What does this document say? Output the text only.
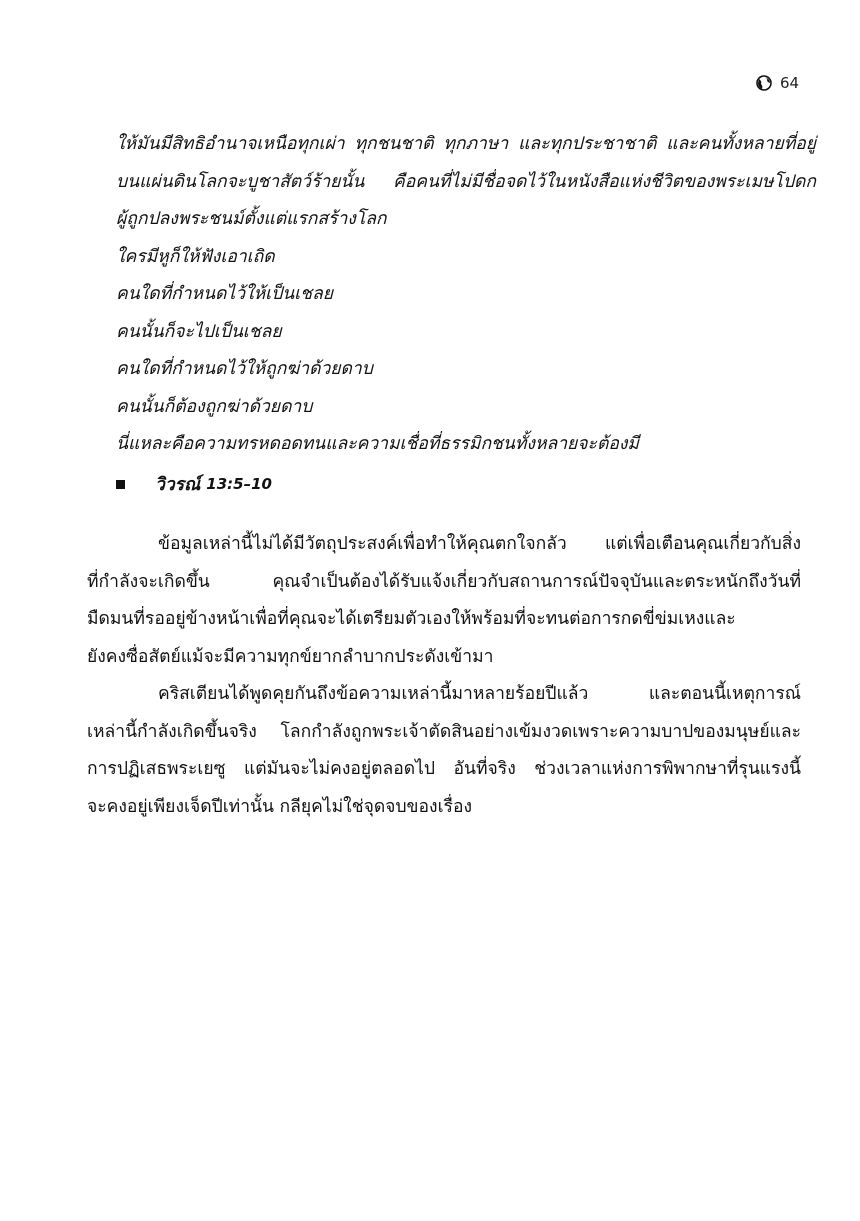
64
ให้มันมีสิทธิอำนาจเหนือทุกเผ่า ทุกชนชาติ ทุกภาษา และทุกประชาชาติ และคนทั้งหลายที่อยู่
บนแผ่นดินโลกจะบูชาสัตว์ร้ายนั้น คือคนที่ไม่มีชื่อจดไว้ในหนังสือแห่งชีวิตของพระเมษโปดก
ผู้ถูกปลงพระชนม์ตั้งแต่แรกสร้างโลก
ใครมีหูก็ให้ฟังเอาเถิด
คนใดที่กำหนดไว้ให้เป็นเชลย
คนนั้นก็จะไปเป็นเชลย
คนใดที่กำหนดไว้ให้ถูกฆ่าด้วยดาบ
คนนั้นก็ต้องถูกฆ่าด้วยดาบ
นี่แหละคือความทรหดอดทนและความเชื่อที่ธรรมิกชนทั้งหลายจะต้องมี
วิวรณ์ 13:5–10
ข้อมูลเหล่านี้ไม่ได้มีวัตถุประสงค์เพื่อทำให้คุณตกใจกลัว แต่เพื่อเตือนคุณเกี่ยวกับสิ่ง
ที่กำลังจะเกิดขึ้น คุณจำเป็นต้องได้รับแจ้งเกี่ยวกับสถานการณ์ปัจจุบันและตระหนักถึงวันที่
มืดมนที่รออยู่ข้างหน้าเพื่อที่คุณจะได้เตรียมตัวเองให้พร้อมที่จะทนต่อการกดขี่ข่มเหงและ
ยังคงซื่อสัตย์แม้จะมีความทุกข์ยากลำบากประดังเข้ามา
คริสเตียนได้พูดคุยกันถึงข้อความเหล่านี้มาหลายร้อยปีแล้ว และตอนนี้เหตุการณ์
เหล่านี้กำลังเกิดขึ้นจริง โลกกำลังถูกพระเจ้าตัดสินอย่างเข้มงวดเพราะความบาปของมนุษย์และ
การปฏิเสธพระเยซู แต่มันจะไม่คงอยู่ตลอดไป อันที่จริง ช่วงเวลาแห่งการพิพากษาที่รุนแรงนี้
จะคงอยู่เพียงเจ็ดปีเท่านั้น กลียุคไม่ใช่จุดจบของเรื่อง
